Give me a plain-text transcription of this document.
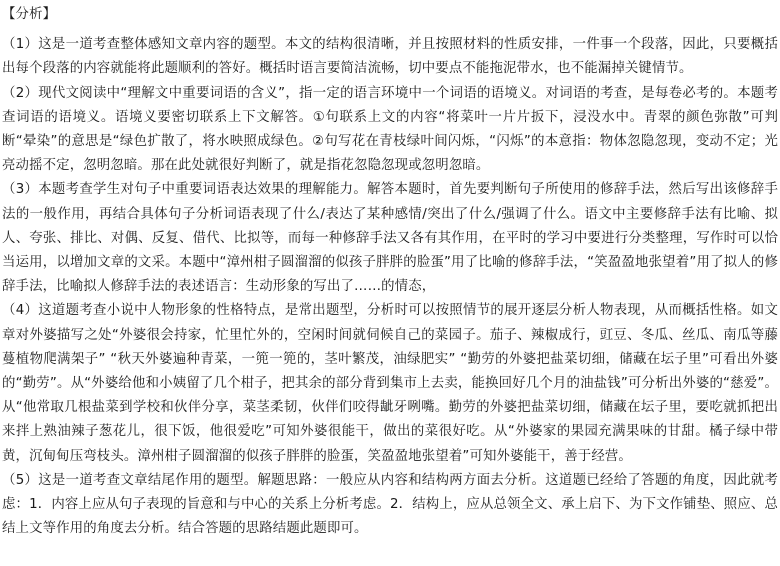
【分析】

（1）这是一道考查整体感知文章内容的题型。本文的结构很清晰，并且按照材料的性质安排，一件事一个段落，因此，只要概括出每个段落的内容就能将此题顺利的答好。概括时语言要简洁流畅，切中要点不能拖泥带水，也不能漏掉关键情节。

（2）现代文阅读中“理解文中重要词语的含义”，指一定的语言环境中一个词语的语境义。对词语的考查，是每卷必考的。本题考查词语的语境义。语境义要密切联系上下文解答。①句联系上文的内容“将菜叶一片片扳下，浸没水中。青翠的颜色弥散”可判断“晕染”的意思是“绿色扩散了，将水映照成绿色。②句写花在青枝绿叶间闪烁，“闪烁”的本意指：物体忽隐忽现，变动不定；光亮动摇不定，忽明忽暗。那在此处就很好判断了，就是指花忽隐忽现或忽明忽暗。

（3）本题考查学生对句子中重要词语表达效果的理解能力。解答本题时，首先要判断句子所使用的修辞手法，然后写出该修辞手法的一般作用，再结合具体句子分析词语表现了什么/表达了某种感情/突出了什么/强调了什么。语文中主要修辞手法有比喻、拟人、夸张、排比、对偶、反复、借代、比拟等，而每一种修辞手法又各有其作用，在平时的学习中要进行分类整理，写作时可以恰当运用，以增加文章的文采。本题中“漳州柑子圆溜溜的似孩子胖胖的脸蛋”用了比喻的修辞手法，“笑盈盈地张望着”用了拟人的修辞手法，比喻拟人修辞手法的表述语言：生动形象的写出了……的情态，

（4）这道题考查小说中人物形象的性格特点，是常出题型，分析时可以按照情节的展开逐层分析人物表现，从而概括性格。如文章对外婆描写之处“外婆很会持家，忙里忙外的，空闲时间就伺候自己的菜园子。茄子、辣椒成行，豇豆、冬瓜、丝瓜、南瓜等藤蔓植物爬满架子” “秋天外婆遍种青菜，一篼一篼的，茎叶繁茂，油绿肥实” “勤劳的外婆把盐菜切细，储藏在坛子里”可看出外婆的“勤劳”。从“外婆给他和小姨留了几个柑子，把其余的部分背到集市上去卖，能换回好几个月的油盐钱”可分析出外婆的“慈爱”。从“他常取几根盐菜到学校和伙伴分享，菜茎柔韧，伙伴们咬得龇牙咧嘴。勤劳的外婆把盐菜切细，储藏在坛子里，要吃就抓把出来拌上熟油辣子葱花儿，很下饭，他很爱吃”可知外婆很能干，做出的菜很好吃。从“外婆家的果园充满果味的甘甜。橘子绿中带黄，沉甸甸压弯枝头。漳州柑子圆溜溜的似孩子胖胖的脸蛋，笑盈盈地张望着”可知外婆能干，善于经营。

（5）这是一道考查文章结尾作用的题型。解题思路：一般应从内容和结构两方面去分析。这道题已经给了答题的角度，因此就考虑：1．内容上应从句子表现的旨意和与中心的关系上分析考虑。2．结构上，应从总领全文、承上启下、为下文作铺垫、照应、总结上文等作用的角度去分析。结合答题的思路结题此题即可。
